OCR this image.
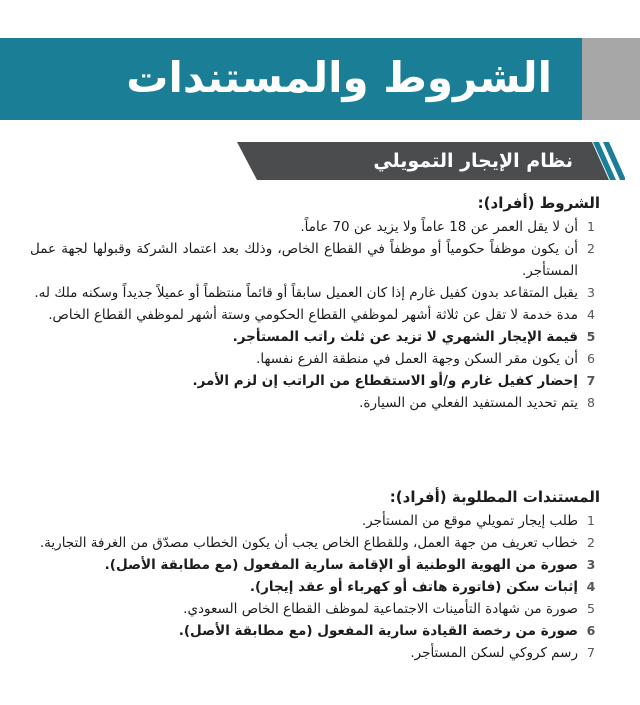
الشروط والمستندات
نظام الإيجار التمويلي
الشروط (أفراد):
1
أن لا يقل العمر عن 18 عاماً ولا يزيد عن 70 عاماً.
2
أن يكون موظفاً حكومياً أو موظفاً في القطاع الخاص، وذلك بعد اعتماد الشركة وقبولها لجهة عمل المستأجر.
3
يقبل المتقاعد بدون كفيل غارم إذا كان العميل سابقاً أو قائماً منتظماً أو عميلاً جديداً وسكنه ملك له.
4
مدة خدمة لا تقل عن ثلاثة أشهر لموظفي القطاع الحكومي وستة أشهر لموظفي القطاع الخاص.
5
قيمة الإيجار الشهري لا تزيد عن ثلث راتب المستأجر.
6
أن يكون مقر السكن وجهة العمل في منطقة الفرع نفسها.
7
إحضار كفيل غارم و/أو الاستقطاع من الراتب إن لزم الأمر.
8
يتم تحديد المستفيد الفعلي من السيارة.
المستندات المطلوبة (أفراد):
1
طلب إيجار تمويلي موقع من المستأجر.
2
خطاب تعريف من جهة العمل، وللقطاع الخاص يجب أن يكون الخطاب مصدّق من الغرفة التجارية.
3
صورة من الهوية الوطنية أو الإقامة سارية المفعول (مع مطابقة الأصل).
4
إثبات سكن (فاتورة هاتف أو كهرباء أو عقد إيجار).
5
صورة من شهادة التأمينات الاجتماعية لموظف القطاع الخاص السعودي.
6
صورة من رخصة القيادة سارية المفعول (مع مطابقة الأصل).
7
رسم كروكي لسكن المستأجر.
